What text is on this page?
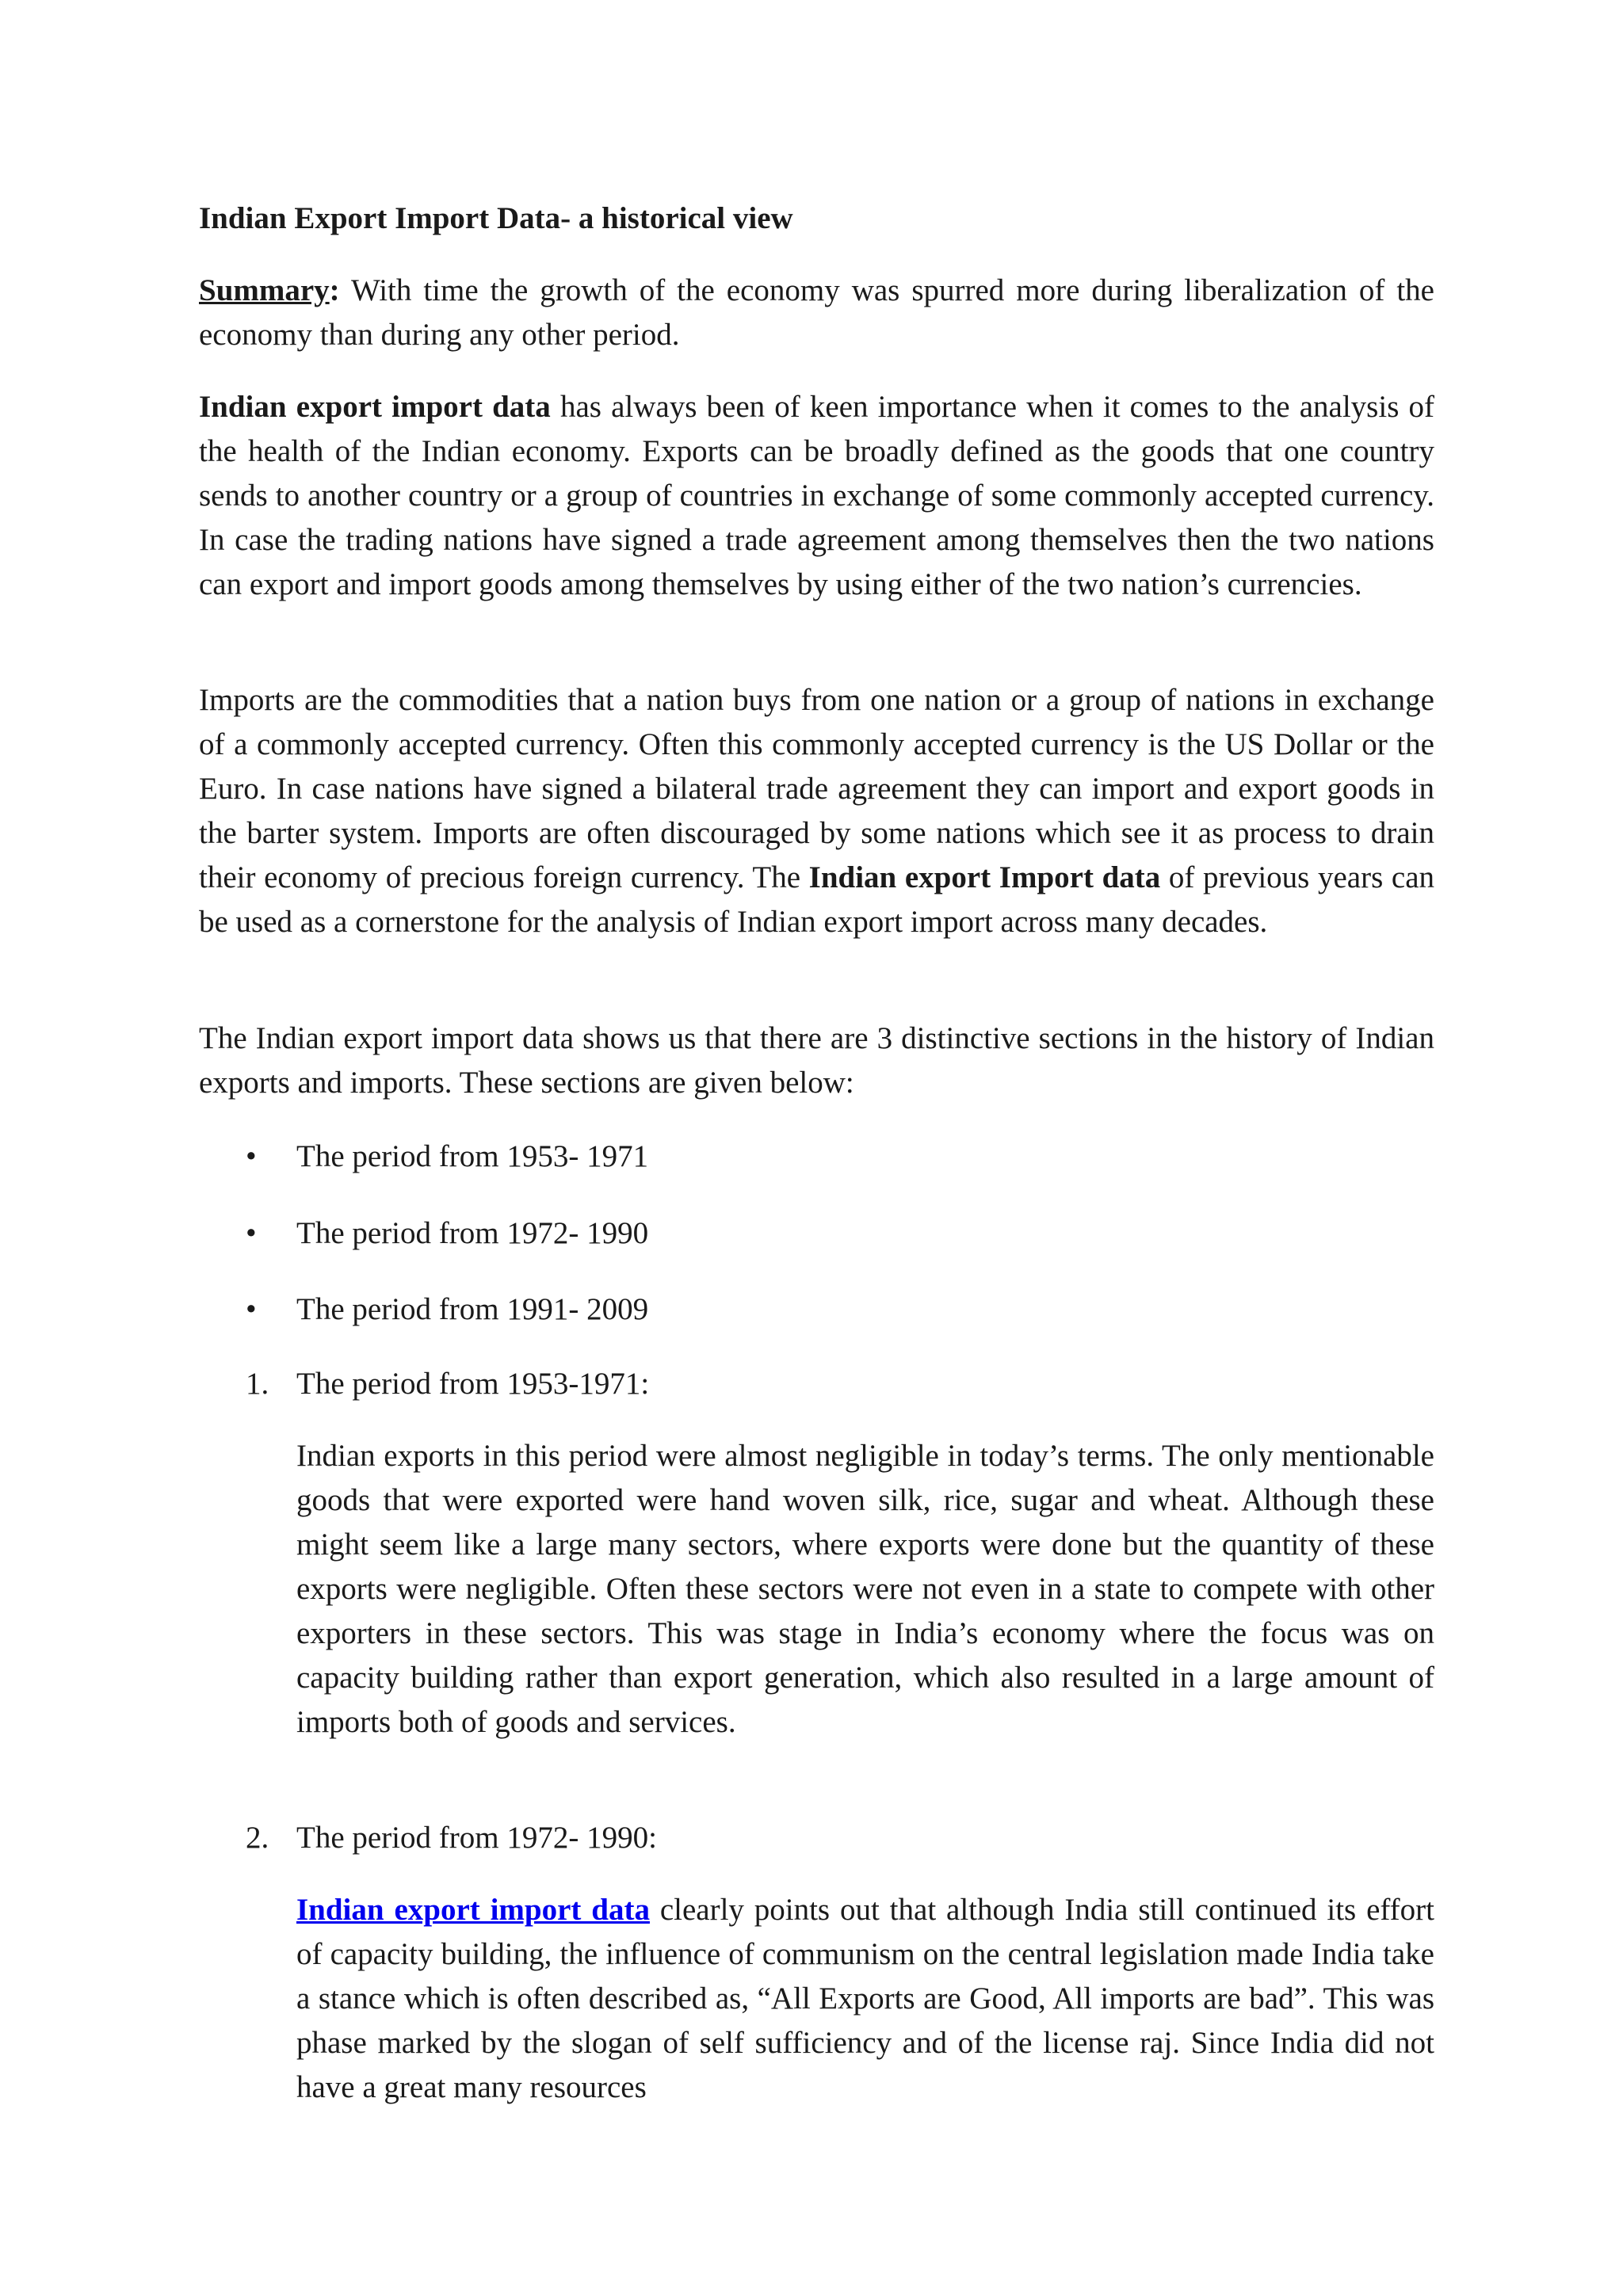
Indian Export Import Data- a historical view

Summary: With time the growth of the economy was spurred more during liberalization of the economy than during any other period.

Indian export import data has always been of keen importance when it comes to the analysis of the health of the Indian economy. Exports can be broadly defined as the goods that one country sends to another country or a group of countries in exchange of some commonly accepted currency. In case the trading nations have signed a trade agreement among themselves then the two nations can export and import goods among themselves by using either of the two nation’s currencies.

Imports are the commodities that a nation buys from one nation or a group of nations in exchange of a commonly accepted currency. Often this commonly accepted currency is the US Dollar or the Euro. In case nations have signed a bilateral trade agreement they can import and export goods in the barter system. Imports are often discouraged by some nations which see it as process to drain their economy of precious foreign currency. The Indian export Import data of previous years can be used as a cornerstone for the analysis of Indian export import across many decades.

The Indian export import data shows us that there are 3 distinctive sections in the history of Indian exports and imports. These sections are given below:

• The period from 1953- 1971
• The period from 1972- 1990
• The period from 1991- 2009
1. The period from 1953-1971:

Indian exports in this period were almost negligible in today’s terms. The only mentionable goods that were exported were hand woven silk, rice, sugar and wheat. Although these might seem like a large many sectors, where exports were done but the quantity of these exports were negligible. Often these sectors were not even in a state to compete with other exporters in these sectors. This was stage in India’s economy where the focus was on capacity building rather than export generation, which also resulted in a large amount of imports both of goods and services.

2. The period from 1972- 1990:

Indian export import data clearly points out that although India still continued its effort of capacity building, the influence of communism on the central legislation made India take a stance which is often described as, “All Exports are Good, All imports are bad”. This was phase marked by the slogan of self sufficiency and of the license raj. Since India did not have a great many resources
